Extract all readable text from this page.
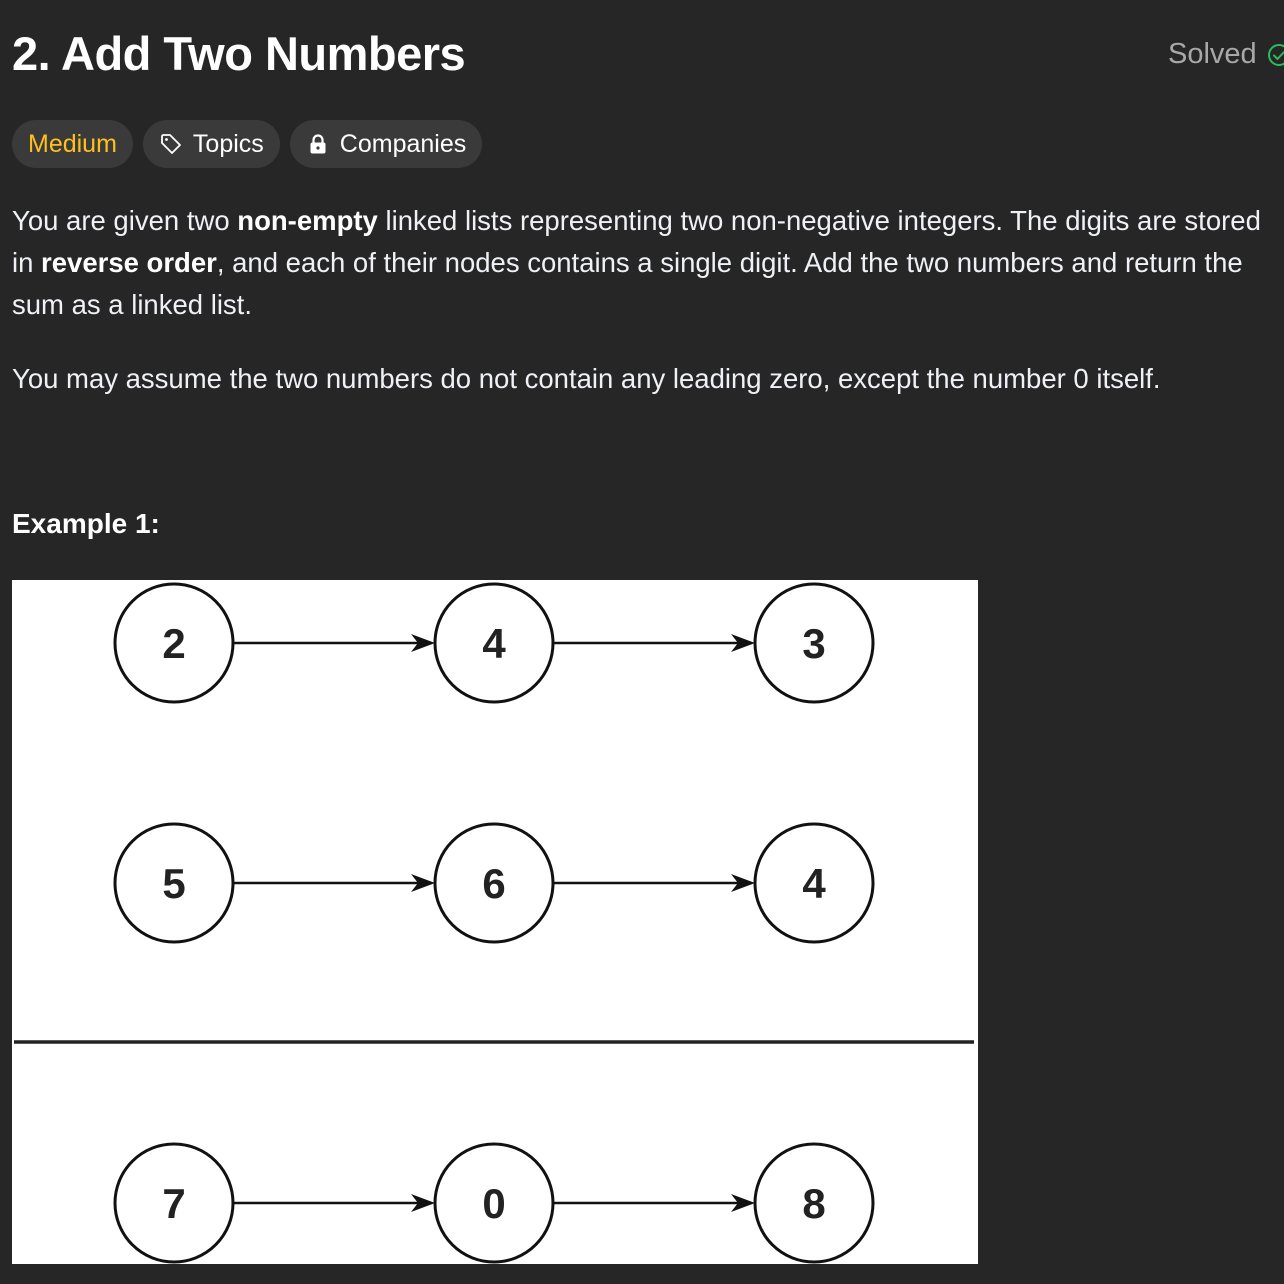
2. Add Two Numbers	Solved
Medium	Topics	Companies

You are given two non-empty linked lists representing two non-negative integers. The digits are stored in reverse order, and each of their nodes contains a single digit. Add the two numbers and return the sum as a linked list.

You may assume the two numbers do not contain any leading zero, except the number 0 itself.

Example 1:
2	4	3
5	6	4
7	0	8
